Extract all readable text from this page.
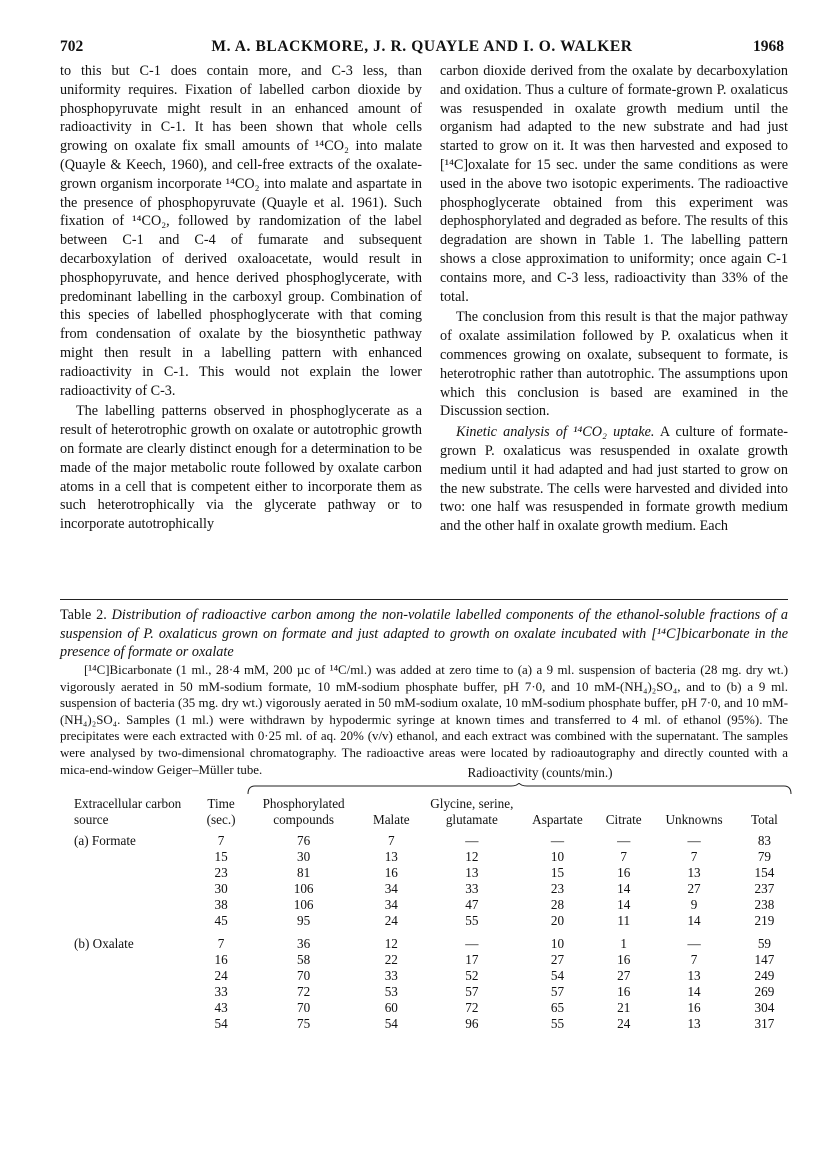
702	M. A. BLACKMORE, J. R. QUAYLE AND I. O. WALKER	1968

to this but C-1 does contain more, and C-3 less, than uniformity requires. Fixation of labelled carbon dioxide by phosphopyruvate might result in an enhanced amount of radioactivity in C-1. It has been shown that whole cells growing on oxalate fix small amounts of ¹⁴CO₂ into malate (Quayle & Keech, 1960), and cell-free extracts of the oxalate-grown organism incorporate ¹⁴CO₂ into malate and aspartate in the presence of phosphopyruvate (Quayle et al. 1961). Such fixation of ¹⁴CO₂, followed by randomization of the label between C-1 and C-4 of fumarate and subsequent decarboxylation of derived oxaloacetate, would result in phosphopyruvate, and hence derived phosphoglycerate, with predominant labelling in the carboxyl group. Combination of this species of labelled phosphoglycerate with that coming from condensation of oxalate by the biosynthetic pathway might then result in a labelling pattern with enhanced radioactivity in C-1. This would not explain the lower radioactivity of C-3.

The labelling patterns observed in phosphoglycerate as a result of heterotrophic growth on oxalate or autotrophic growth on formate are clearly distinct enough for a determination to be made of the major metabolic route followed by oxalate carbon atoms in a cell that is competent either to incorporate them as such heterotrophically via the glycerate pathway or to incorporate autotrophically

carbon dioxide derived from the oxalate by decarboxylation and oxidation. Thus a culture of formate-grown P. oxalaticus was resuspended in oxalate growth medium until the organism had adapted to the new substrate and had just started to grow on it. It was then harvested and exposed to [¹⁴C]oxalate for 15 sec. under the same conditions as were used in the above two isotopic experiments. The radioactive phosphoglycerate obtained from this experiment was dephosphorylated and degraded as before. The results of this degradation are shown in Table 1. The labelling pattern shows a close approximation to uniformity; once again C-1 contains more, and C-3 less, radioactivity than 33% of the total.

The conclusion from this result is that the major pathway of oxalate assimilation followed by P. oxalaticus when it commences growing on oxalate, subsequent to formate, is heterotrophic rather than autotrophic. The assumptions upon which this conclusion is based are examined in the Discussion section.

Kinetic analysis of ¹⁴CO₂ uptake. A culture of formate-grown P. oxalaticus was resuspended in oxalate growth medium until it had adapted and had just started to grow on the new substrate. The cells were harvested and divided into two: one half was resuspended in formate growth medium and the other half in oxalate growth medium. Each

Table 2. Distribution of radioactive carbon among the non-volatile labelled components of the ethanol-soluble fractions of a suspension of P. oxalaticus grown on formate and just adapted to growth on oxalate incubated with [¹⁴C]bicarbonate in the presence of formate or oxalate
[¹⁴C]Bicarbonate (1 ml., 28·4 mM, 200 µc of ¹⁴C/ml.) was added at zero time to (a) a 9 ml. suspension of bacteria (28 mg. dry wt.) vigorously aerated in 50 mM-sodium formate, 10 mM-sodium phosphate buffer, pH 7·0, and 10 mM-(NH₄)₂SO₄, and to (b) a 9 ml. suspension of bacteria (35 mg. dry wt.) vigorously aerated in 50 mM-sodium oxalate, 10 mM-sodium phosphate buffer, pH 7·0, and 10 mM-(NH₄)₂SO₄. Samples (1 ml.) were withdrawn by hypodermic syringe at known times and transferred to 4 ml. of ethanol (95%). The precipitates were each extracted with 0·25 ml. of aq. 20% (v/v) ethanol, and each extract was combined with the supernatant. The samples were analysed by two-dimensional chromatography. The radioactive areas were located by radioautography and directly counted with a mica-end-window Geiger–Müller tube.	Radioactivity (counts/min.)
Extracellular carbon source	Time (sec.)	Phosphorylated compounds	Malate	Glycine, serine, glutamate	Aspartate	Citrate	Unknowns	Total
(a) Formate	7	76	7	—	—	—	—	83
	15	30	13	12	10	7	7	79
	23	81	16	13	15	16	13	154
	30	106	34	33	23	14	27	237
	38	106	34	47	28	14	9	238
	45	95	24	55	20	11	14	219

(b) Oxalate	7	36	12	—	10	1	—	59
	16	58	22	17	27	16	7	147
	24	70	33	52	54	27	13	249
	33	72	53	57	57	16	14	269
	43	70	60	72	65	21	16	304
	54	75	54	96	55	24	13	317
